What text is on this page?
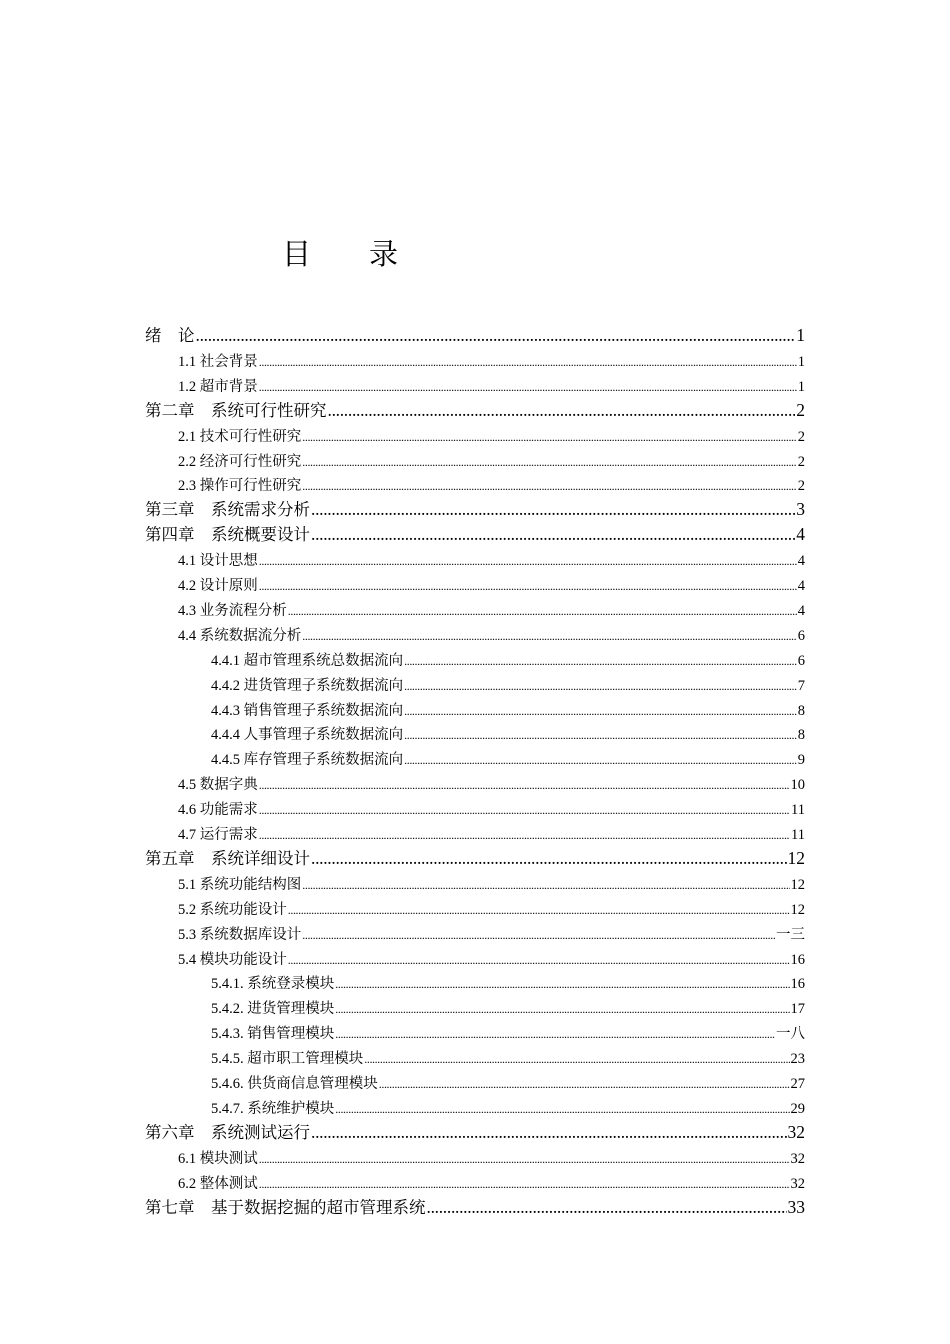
目　　录
绪　论 .....	1
1.1 社会背景 .....	1
1.2 超市背景 .....	1
第二章　系统可行性研究 .....	2
2.1 技术可行性研究 .....	2
2.2 经济可行性研究 .....	2
2.3 操作可行性研究 .....	2
第三章　系统需求分析 .....	3
第四章　系统概要设计 .....	4
4.1 设计思想 .....	4
4.2 设计原则 .....	4
4.3 业务流程分析 .....	4
4.4 系统数据流分析 .....	6
4.4.1 超市管理系统总数据流向 .....	6
4.4.2 进货管理子系统数据流向 .....	7
4.4.3 销售管理子系统数据流向 .....	8
4.4.4 人事管理子系统数据流向 .....	8
4.4.5 库存管理子系统数据流向 .....	9
4.5 数据字典 .....	10
4.6 功能需求 .....	11
4.7 运行需求 .....	11
第五章　系统详细设计 .....	12
5.1 系统功能结构图 .....	12
5.2 系统功能设计 .....	12
5.3 系统数据库设计 .....	一三
5.4 模块功能设计 .....	16
5.4.1. 系统登录模块 .....	16
5.4.2. 进货管理模块 .....	17
5.4.3. 销售管理模块 .....	一八
5.4.5. 超市职工管理模块 .....	23
5.4.6. 供货商信息管理模块 .....	27
5.4.7. 系统维护模块 .....	29
第六章　系统测试运行 .....	32
6.1 模块测试 .....	32
6.2 整体测试 .....	32
第七章　基于数据挖掘的超市管理系统 .....	33
